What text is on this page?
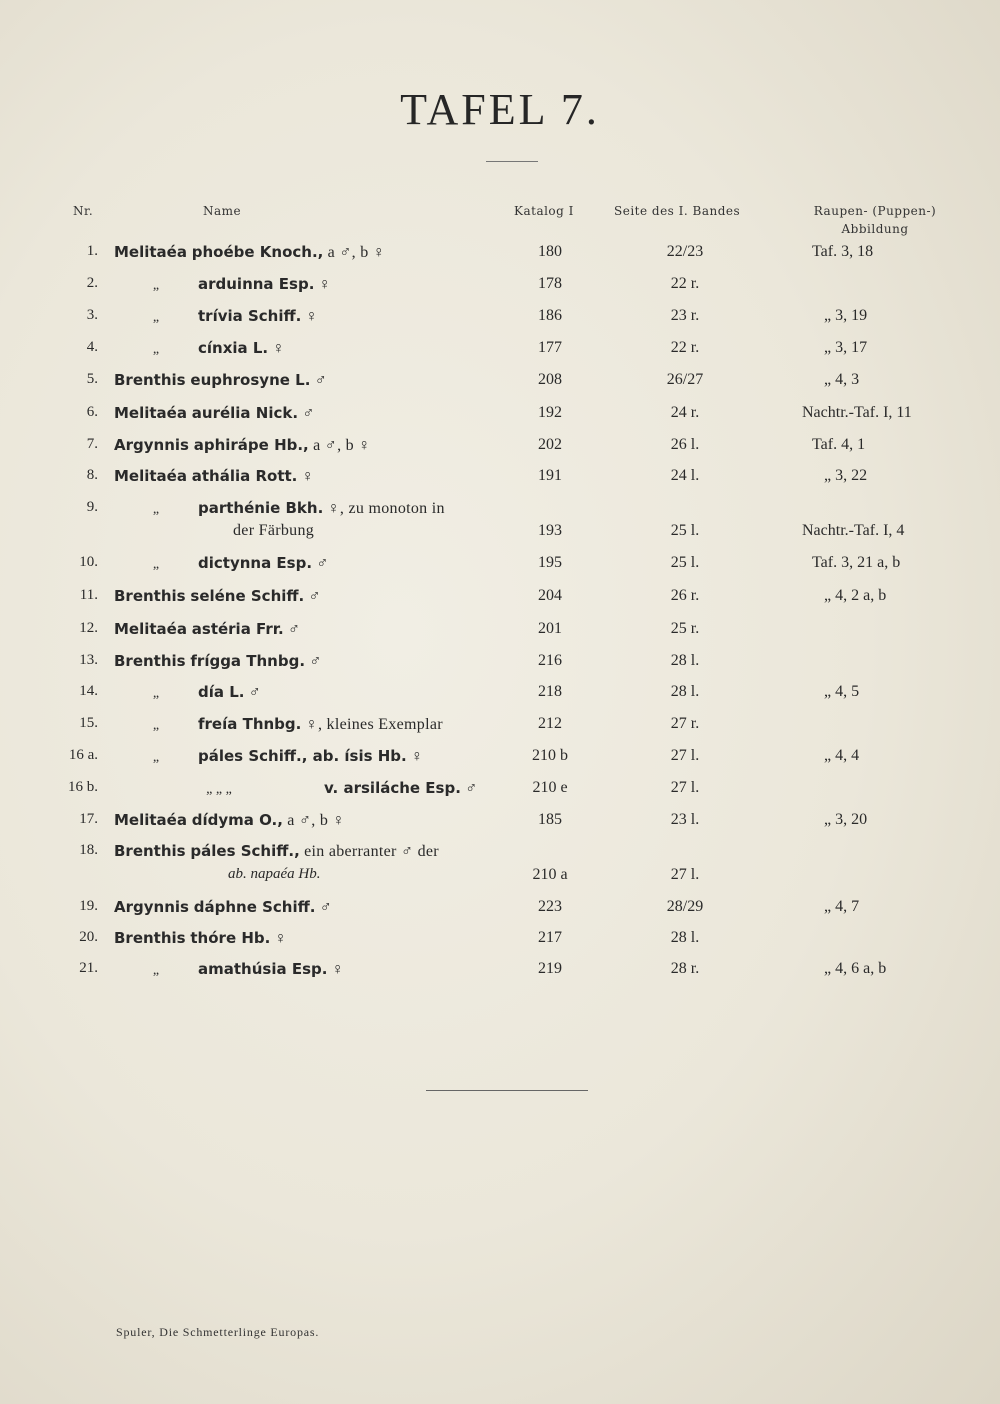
TAFEL 7.
Nr.	Name	Katalog I	Seite des I. Bandes	Raupen- (Puppen-)
Abbildung
1. Melitaéa phoébe Knoch., a ♂, b ♀	180	22/23	Taf. 3, 18
2.	„	arduinna Esp. ♀	178	22 r.
3.	„	trívia Schiff. ♀	186	23 r.	„ 3, 19
4.	„	cínxia L. ♀	177	22 r.	„ 3, 17
5. Brenthis euphrosyne L. ♂	208	26/27	„ 4, 3
6. Melitaéa aurélia Nick. ♂	192	24 r.	Nachtr.-Taf. I, 11
7. Argynnis aphirápe Hb., a ♂, b ♀	202	26 l.	Taf. 4, 1
8. Melitaéa athália Rott. ♀	191	24 l.	„ 3, 22
9.	„	parthénie Bkh. ♀, zu monoton in
der Färbung	193	25 l.	Nachtr.-Taf. I, 4
10.	„	dictynna Esp. ♂	195	25 l.	Taf. 3, 21 a, b
11. Brenthis seléne Schiff. ♂	204	26 r.	„ 4, 2 a, b
12. Melitaéa astéria Frr. ♂	201	25 r.
13. Brenthis frígga Thnbg. ♂	216	28 l.
14.	„	día L. ♂	218	28 l.	„ 4, 5
15.	„	freía Thnbg. ♀, kleines Exemplar	212	27 r.
16 a.	„	páles Schiff., ab. ísis Hb. ♀	210 b	27 l.	„ 4, 4
16 b.	„ „ „	v. arsiláche Esp. ♂	210 e	27 l.
17. Melitaéa dídyma O., a ♂, b ♀	185	23 l.	„ 3, 20
18. Brenthis páles Schiff., ein aberranter ♂ der
ab. napaéa Hb.	210 a	27 l.
19. Argynnis dáphne Schiff. ♂	223	28/29	„ 4, 7
20. Brenthis thóre Hb. ♀	217	28 l.
21.	„	amathúsia Esp. ♀	219	28 r.	„ 4, 6 a, b
Spuler, Die Schmetterlinge Europas.
